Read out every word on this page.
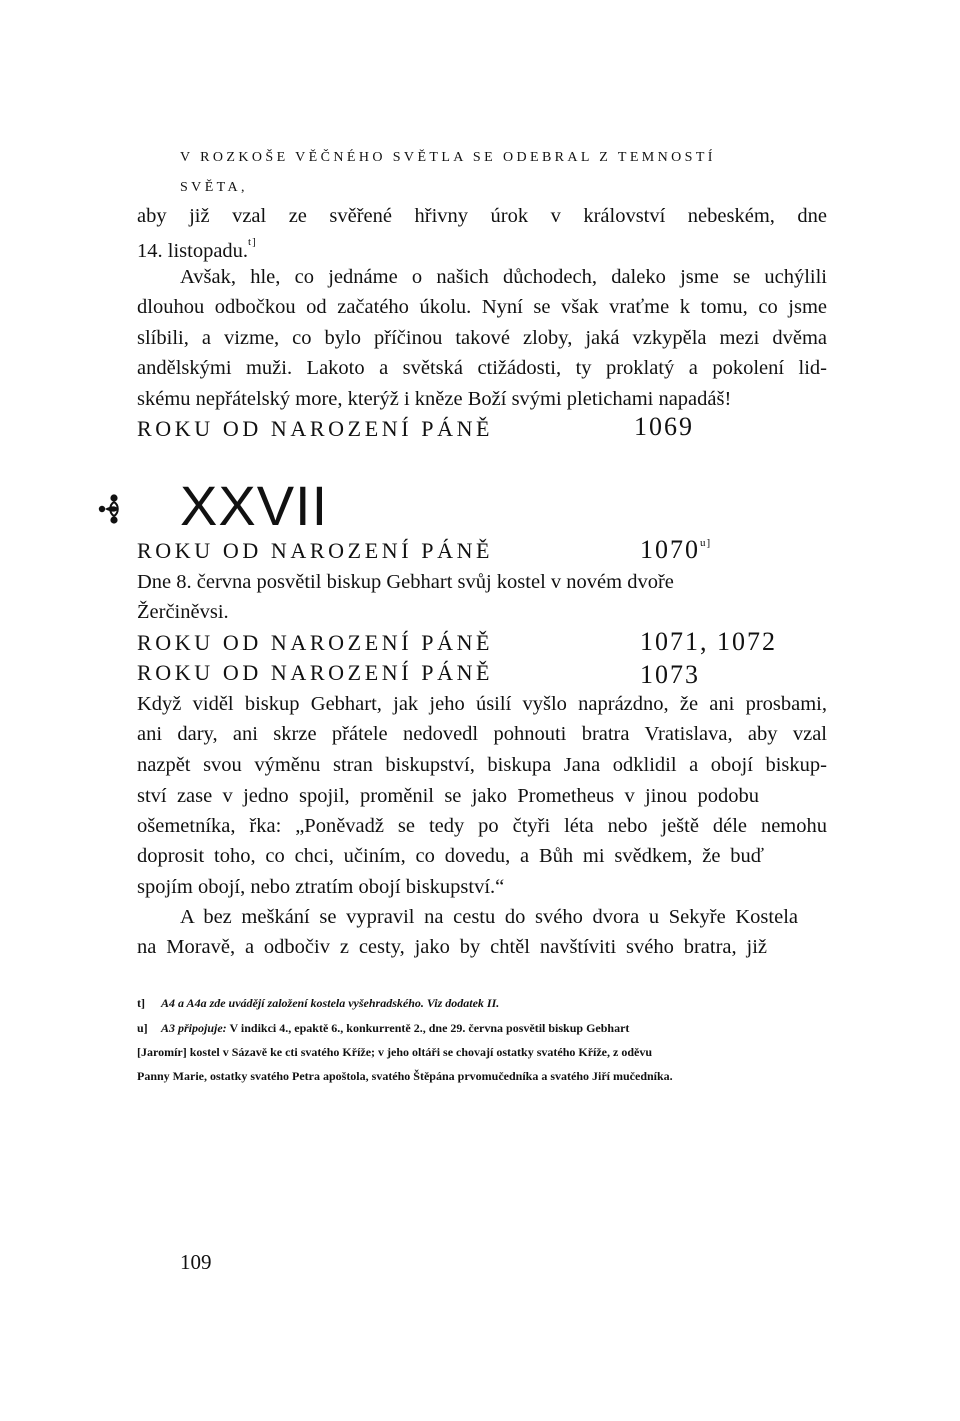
V ROZKOŠE VĚČNÉHO SVĚTLA SE ODEBRAL Z TEMNOSTÍ
SVĚTA,
aby již vzal ze svěřené hřivny úrok v království nebeském, dne
14. listopadu.$^{t]}$
Avšak, hle, co jednáme o našich důchodech, daleko jsme se uchýlili
dlouhou odbočkou od začatého úkolu. Nyní se však vraťme k tomu, co jsme
slíbili, a vizme, co bylo příčinou takové zloby, jaká vzkypěla mezi dvěma
andělskými muži. Lakoto a světská ctižádosti, ty proklatý a pokolení lid-
skému nepřátelský more, kterýž i kněze Boží svými pletichami napadáš!
ROKU OD NAROZENÍ PÁNĚ	1069
XXVII
ROKU OD NAROZENÍ PÁNĚ	$1070^{u]}$
Dne 8. června posvětil biskup Gebhart svůj kostel v novém dvoře
Žerčiněvsi.
ROKU OD NAROZENÍ PÁNĚ	1071, 1072
ROKU OD NAROZENÍ PÁNĚ	1073
Když viděl biskup Gebhart, jak jeho úsilí vyšlo naprázdno, že ani prosbami,
ani dary, ani skrze přátele nedovedl pohnouti bratra Vratislava, aby vzal
nazpět svou výměnu stran biskupství, biskupa Jana odklidil a obojí biskup-
ství zase v jedno spojil, proměnil se jako Prometheus v jinou podobu
ošemetníka, řka: „Poněvadž se tedy po čtyři léta nebo ještě déle nemohu
doprosit toho, co chci, učiním, co dovedu, a Bůh mi svědkem, že buď
spojím obojí, nebo ztratím obojí biskupství.“
A bez meškání se vypravil na cestu do svého dvora u Sekyře Kostela
na Moravě, a odbočiv z cesty, jako by chtěl navštíviti svého bratra, již
t] A4 a A4a zde uvádějí založení kostela vyšehradského. Viz dodatek II.
u] A3 připojuje: V indikci 4., epaktě 6., konkurrentě 2., dne 29. června posvětil biskup Gebhart
[Jaromír] kostel v Sázavě ke cti svatého Kříže; v jeho oltáři se chovají ostatky svatého Kříže, z oděvu
Panny Marie, ostatky svatého Petra apoštola, svatého Štěpána prvomučedníka a svatého Jiří mučedníka.
109
